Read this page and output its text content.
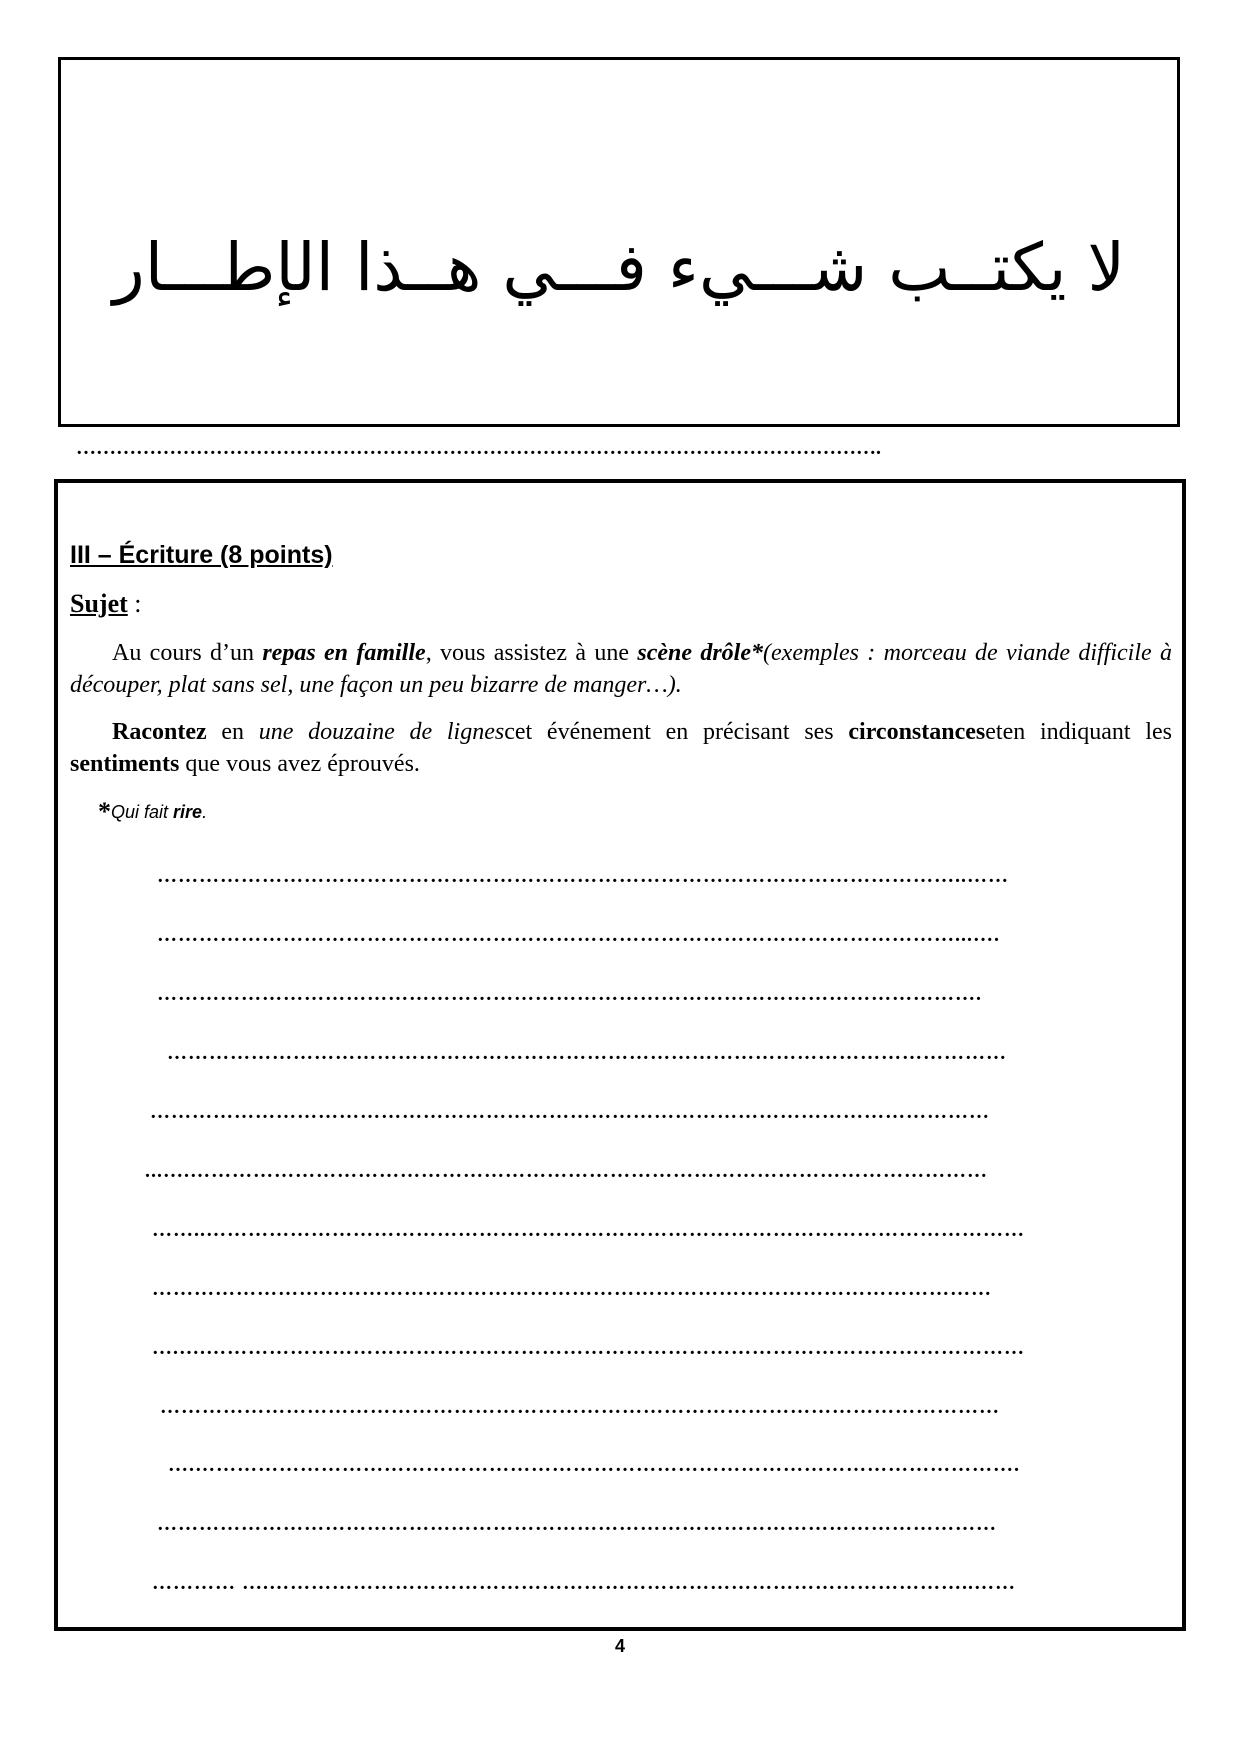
لا يكتــب شـــيء فـــي هــذا الإطـــار
………………………………………………………………………………………………………….

III – Écriture (8 points)

Sujet :

Au cours d’un repas en famille, vous assistez à une scène drôle*(exemples : morceau de viande difficile à découper, plat sans sel, une façon un peu bizarre de manger…).

Racontez en une douzaine de lignescet événement en précisant ses circonstanceseten indiquant les sentiments que vous avez éprouvés.

*Qui fait rire.

……………………………………………………………………………………………………..……
……………………………………………………………………………………………………...….
……………………………………………………………………………………………………….
…………………………………………………………………………………………………………
…………………………………………………………………………………………………………
...….……………………………………………………………………………………………………
……..………………………………………………………………………………………………………
…………………………………………………………………………………………………………
….….………………………………………………………………………………………………………
…………………………………………………………………………………………………………
….……………………………………………………………………………………………………….
…………………………………………………………………………………………………………
………… ….………………………………………………………………………………………..……
4
